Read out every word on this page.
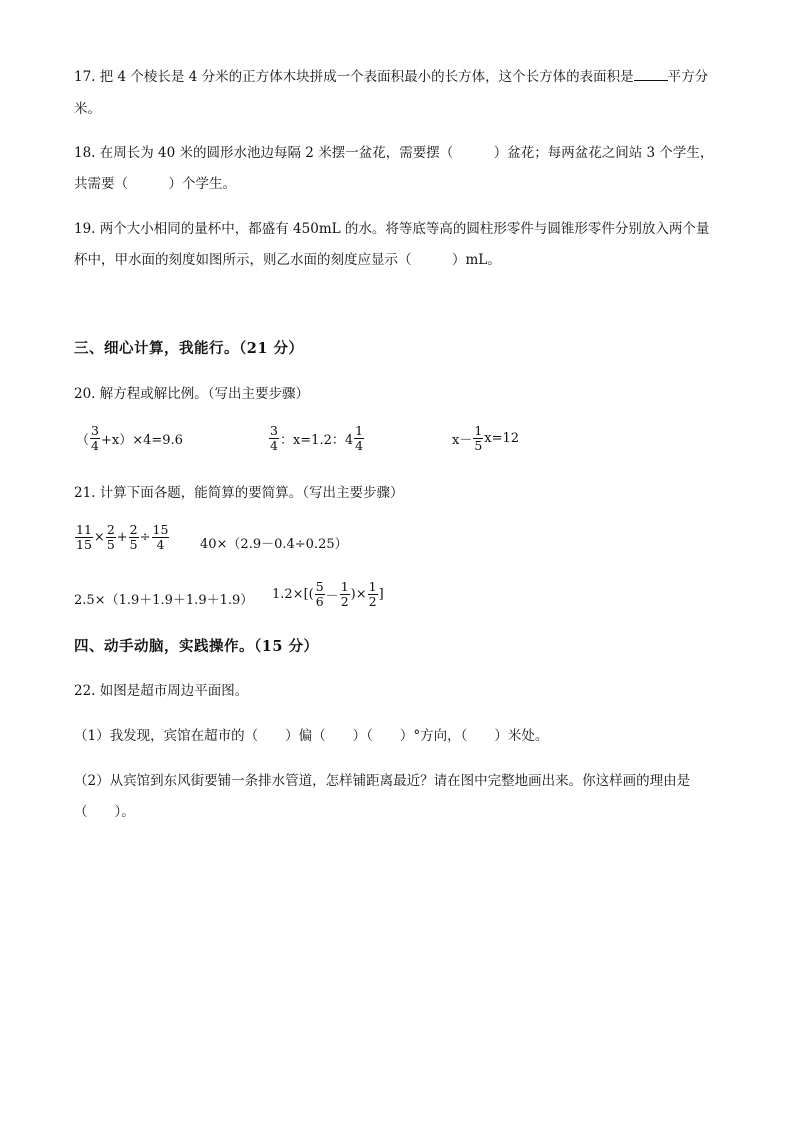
17. 把 4 个棱长是 4 分米的正方体木块拼成一个表面积最小的长方体，这个长方体的表面积是	平方分
米。
18. 在周长为 40 米的圆形水池边每隔 2 米摆一盆花，需要摆（　　　）盆花；每两盆花之间站 3 个学生，
共需要（　　　）个学生。
19. 两个大小相同的量杯中，都盛有 450mL 的水。将等底等高的圆柱形零件与圆锥形零件分别放入两个量
杯中，甲水面的刻度如图所示，则乙水面的刻度应显示（　　　）mL。
三、细心计算，我能行。（21 分）
20. 解方程或解比例。（写出主要步骤）
（ $\frac{3}{4} +x)\times 4=9.6$	$\frac{3}{4}$ ：x=1.2：$4 \frac{1}{4}$	$x- \frac{1}{5} x=12$
21. 计算下面各题，能简算的要简算。（写出主要步骤）
$\frac{11}{15} \times \frac{2}{5} + \frac{2}{5} \div \frac{15}{4} 40\times(2.9-0.4\div 0.25)$
2.5×（1.9＋1.9＋1.9＋1.9） $1.2\times[( \frac{5}{6} - \frac{1}{2}$ )× $\frac{1}{2}$ ]
四、动手动脑，实践操作。（15 分）
22. 如图是超市周边平面图。
（1）我发现，宾馆在超市的（　　）偏（　　）（　　）°方向，（　　）米处。
（2）从宾馆到东风街要铺一条排水管道，怎样铺距离最近？请在图中完整地画出来。你这样画的理由是
（　　）。
